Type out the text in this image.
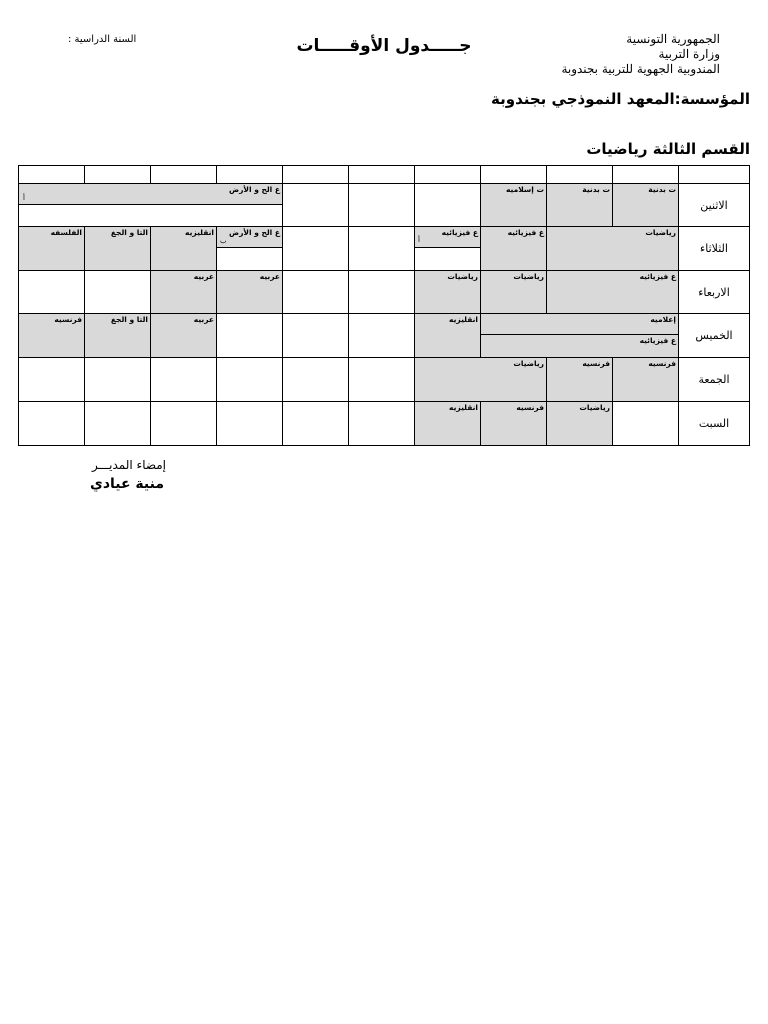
الجمهورية التونسية
وزارة التربية
المندوبية الجهوية للتربية بجندوبة
السنة الدراسية :	جـــــدول الأوقـــــات
المؤسسة:المعهد النموذجي بجندوبة
القسم الثالثة رياضيات
الاثنين
ت بدنية
ت بدنية
ت إسلاميه
ع الح و الأرض
أ
الثلاثاء
رياضيات
ع فيزيائيه
ع فيزيائيه
أ
ع الح و الأرض
ب
انقليزيه
التا و الجغ
الفلسفه
الاربعاء
ع فيزيائيه
رياضيات
رياضيات
عربيه
عربيه
الخميس
إعلاميه
ع فيزيائيه
انقليزيه
عربيه
التا و الجغ
فرنسيه
الجمعة
فرنسيه
فرنسيه
رياضيات
السبت
رياضيات
فرنسيه
انقليزيه
إمضاء المديـــر
منية عيادي
